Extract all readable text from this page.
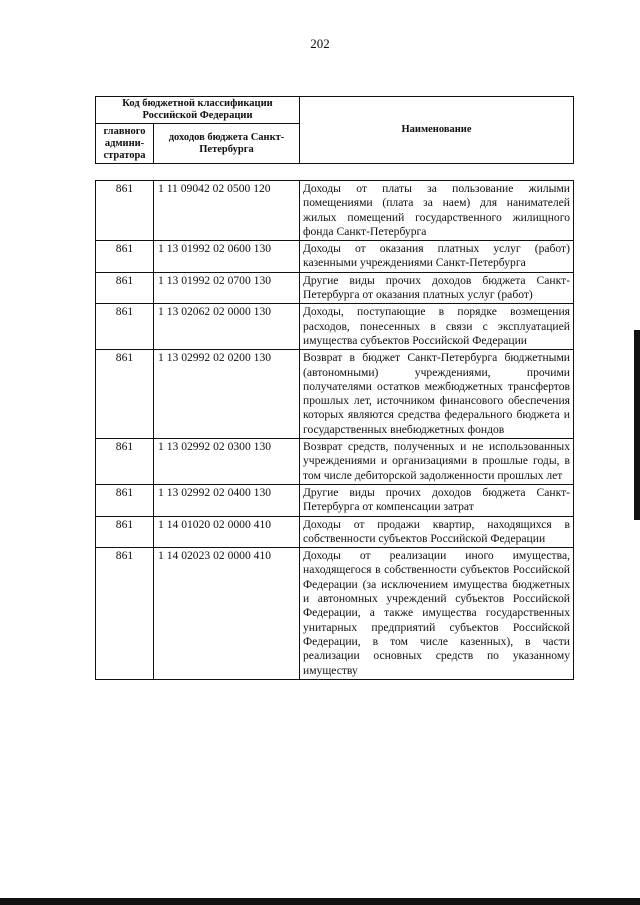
202
Код бюджетной классификации Российской Федерации		Наименование
главного админи-стратора	доходов бюджета Санкт-Петербурга	
861	1 11 09042 02 0500 120	Доходы от платы за пользование жилыми помещениями (плата за наем) для нанимателей жилых помещений государственного жилищного фонда Санкт-Петербурга
861	1 13 01992 02 0600 130	Доходы от оказания платных услуг (работ) казенными учреждениями Санкт-Петербурга
861	1 13 01992 02 0700 130	Другие виды прочих доходов бюджета Санкт-Петербурга от оказания платных услуг (работ)
861	1 13 02062 02 0000 130	Доходы, поступающие в порядке возмещения расходов, понесенных в связи с эксплуатацией имущества субъектов Российской Федерации
861	1 13 02992 02 0200 130	Возврат в бюджет Санкт-Петербурга бюджетными (автономными) учреждениями, прочими получателями остатков межбюджетных трансфертов прошлых лет, источником финансового обеспечения которых являются средства федерального бюджета и государственных внебюджетных фондов
861	1 13 02992 02 0300 130	Возврат средств, полученных и не использованных учреждениями и организациями в прошлые годы, в том числе дебиторской задолженности прошлых лет
861	1 13 02992 02 0400 130	Другие виды прочих доходов бюджета Санкт-Петербурга от компенсации затрат
861	1 14 01020 02 0000 410	Доходы от продажи квартир, находящихся в собственности субъектов Российской Федерации
861	1 14 02023 02 0000 410	Доходы от реализации иного имущества, находящегося в собственности субъектов Российской Федерации (за исключением имущества бюджетных и автономных учреждений субъектов Российской Федерации, а также имущества государственных унитарных предприятий субъектов Российской Федерации, в том числе казенных), в части реализации основных средств по указанному имуществу
